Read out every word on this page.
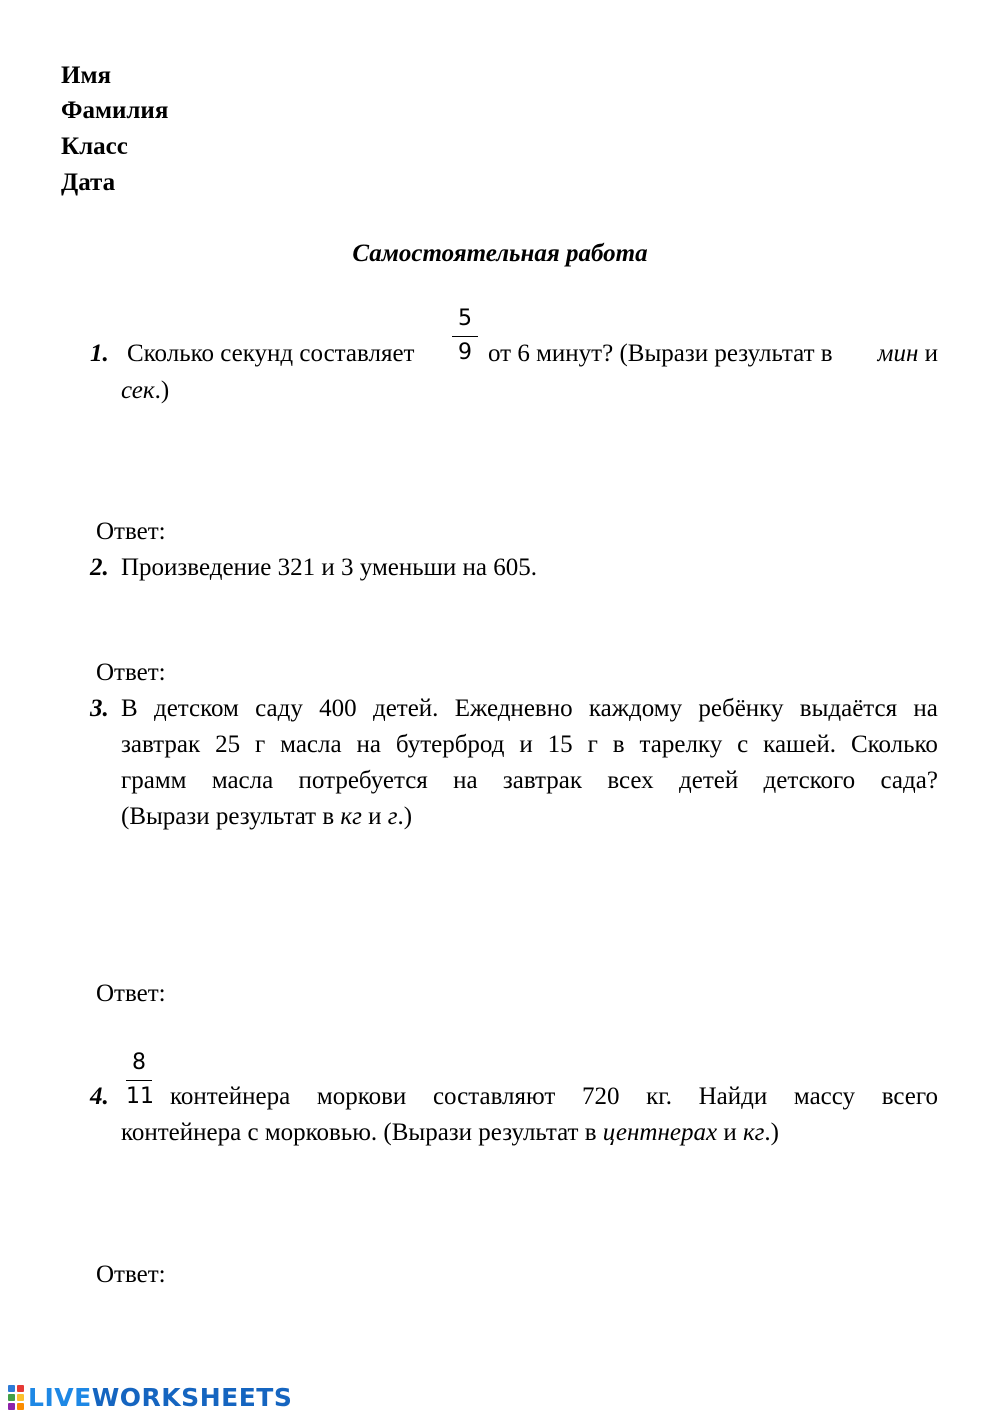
Имя
Фамилия
Класс
Дата
Самостоятельная работа
1. Сколько секунд составляет
5
9 от 6 минут? (Вырази результат в мин и
сек.)
Ответ:
2. Произведение 321 и 3 уменьши на 605.
Ответ:
3. В детском саду 400 детей. Ежедневно каждому ребёнку выдаётся на
завтрак 25 г масла на бутерброд и 15 г в тарелку с кашей. Сколько
грамм масла потребуется на завтрак всех детей детского сада?
(Вырази результат в кг и г.)
Ответ:
8
11
4. контейнера моркови составляют 720 кг. Найди массу всего
контейнера с морковью. (Вырази результат в центнерах и кг.)
Ответ:
LIVEWORKSHEETS
